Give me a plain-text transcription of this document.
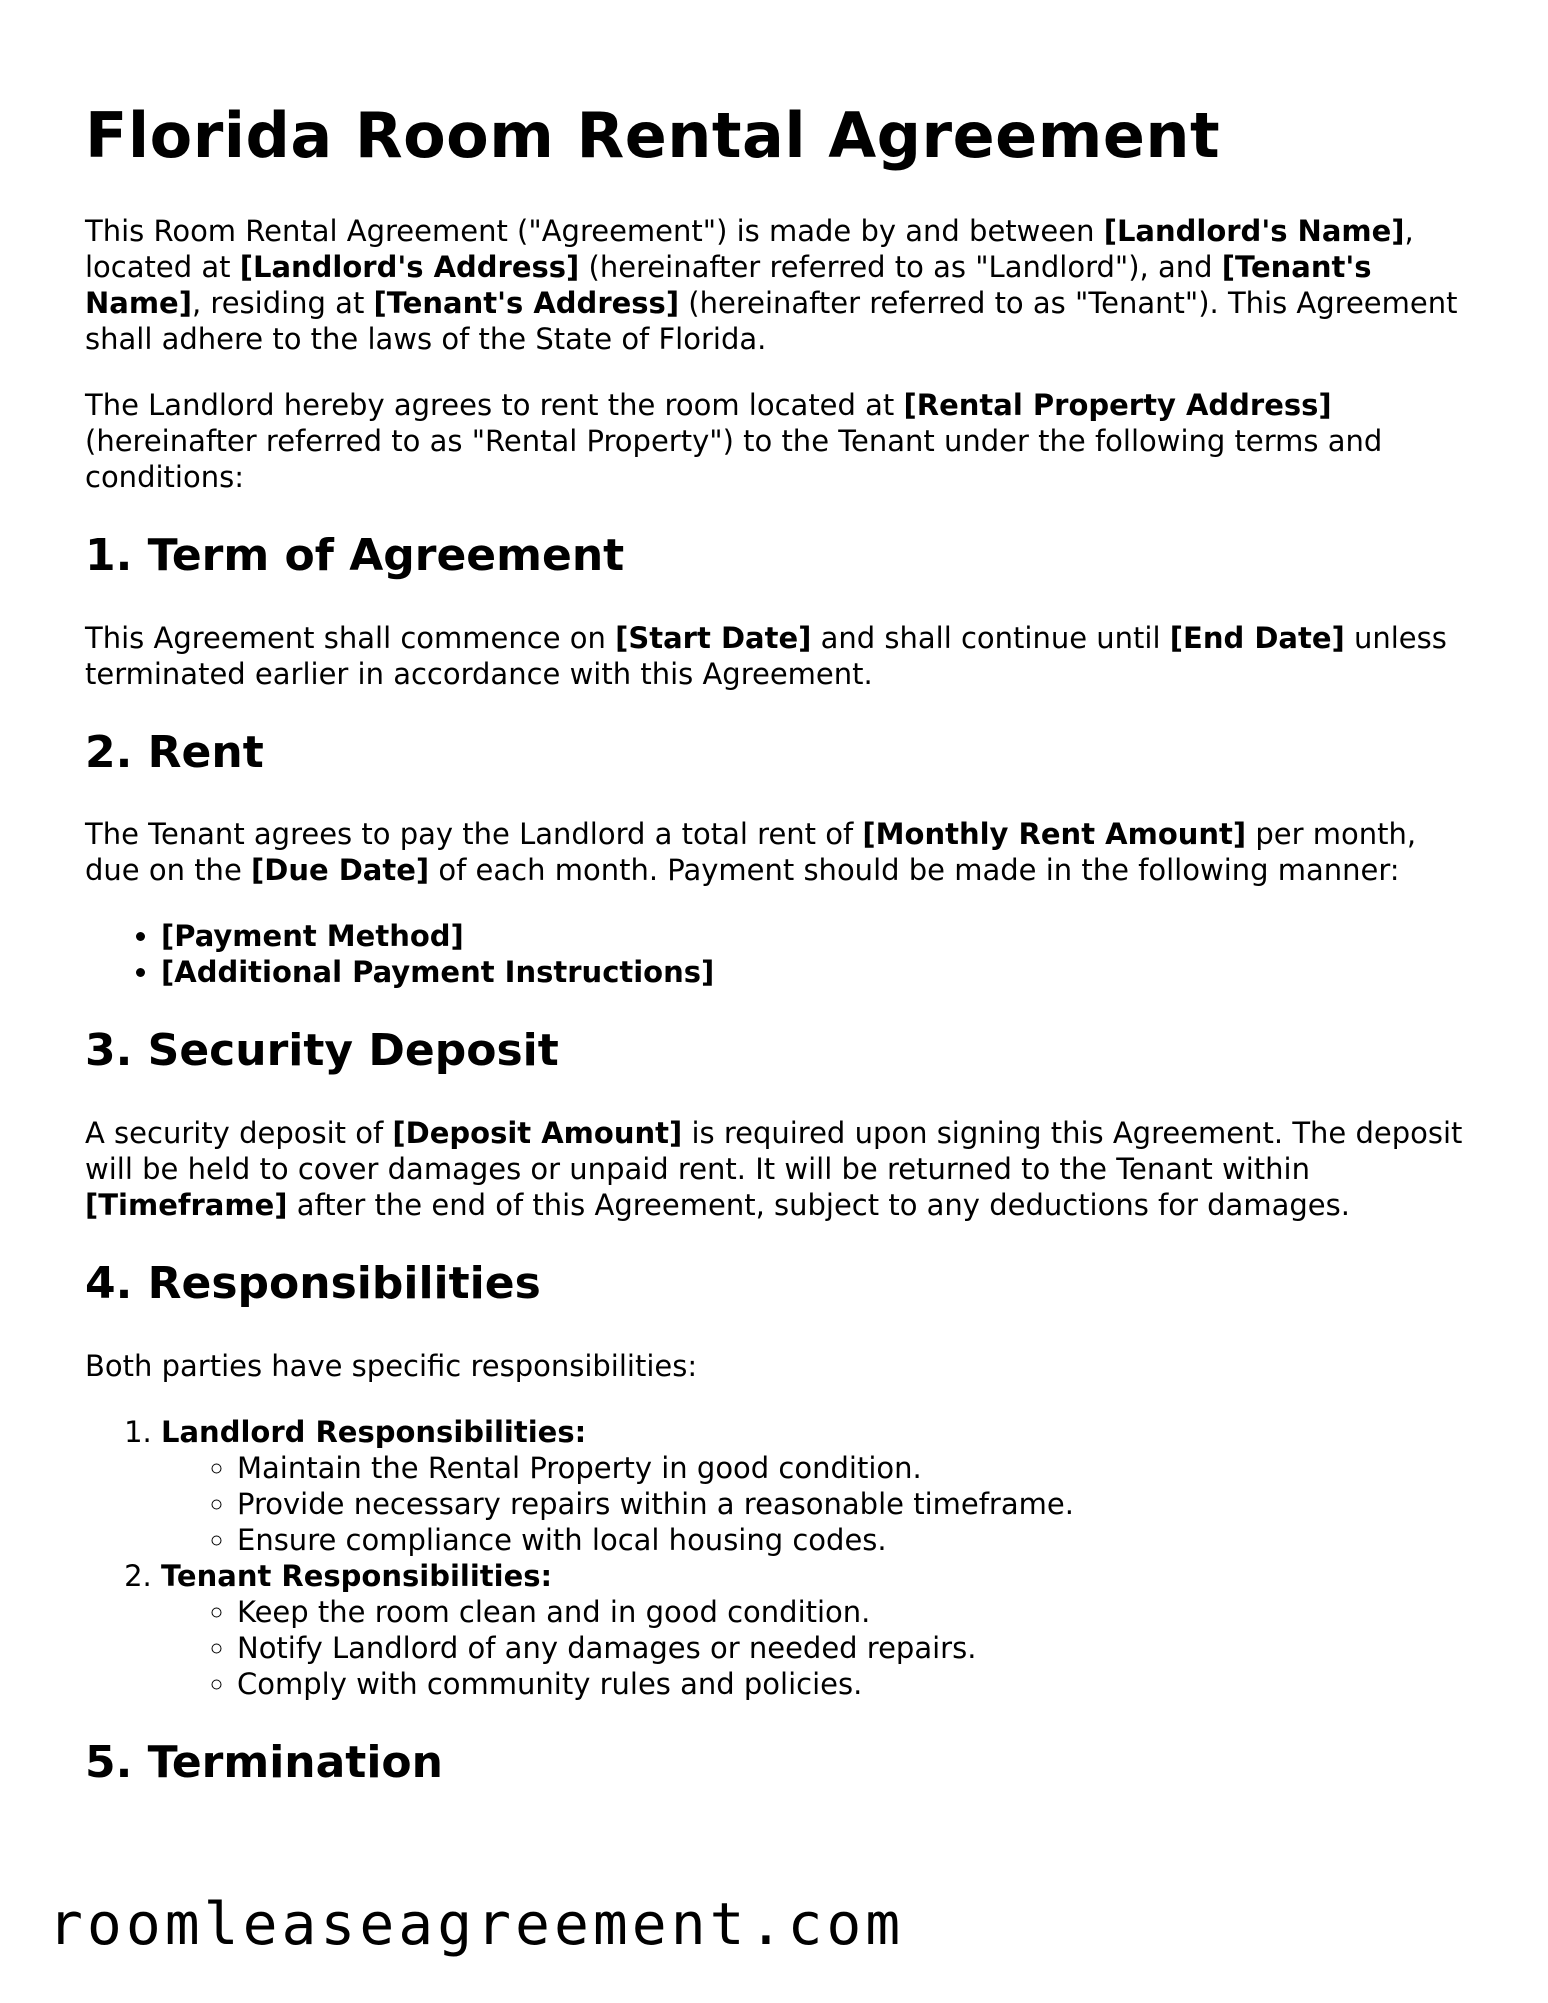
Florida Room Rental Agreement

This Room Rental Agreement ("Agreement") is made by and between [Landlord's Name], located at [Landlord's Address] (hereinafter referred to as "Landlord"), and [Tenant's Name], residing at [Tenant's Address] (hereinafter referred to as "Tenant"). This Agreement shall adhere to the laws of the State of Florida.

The Landlord hereby agrees to rent the room located at [Rental Property Address] (hereinafter referred to as "Rental Property") to the Tenant under the following terms and conditions:

1. Term of Agreement

This Agreement shall commence on [Start Date] and shall continue until [End Date] unless terminated earlier in accordance with this Agreement.

2. Rent

The Tenant agrees to pay the Landlord a total rent of [Monthly Rent Amount] per month, due on the [Due Date] of each month. Payment should be made in the following manner:

• [Payment Method]
• [Additional Payment Instructions]
3. Security Deposit

A security deposit of [Deposit Amount] is required upon signing this Agreement. The deposit will be held to cover damages or unpaid rent. It will be returned to the Tenant within [Timeframe] after the end of this Agreement, subject to any deductions for damages.

4. Responsibilities

Both parties have specific responsibilities:

1. Landlord Responsibilities:
◦ Maintain the Rental Property in good condition.
◦ Provide necessary repairs within a reasonable timeframe.
◦ Ensure compliance with local housing codes.
2. Tenant Responsibilities:
◦ Keep the room clean and in good condition.
◦ Notify Landlord of any damages or needed repairs.
◦ Comply with community rules and policies.
5. Termination
roomleaseagreement.com
